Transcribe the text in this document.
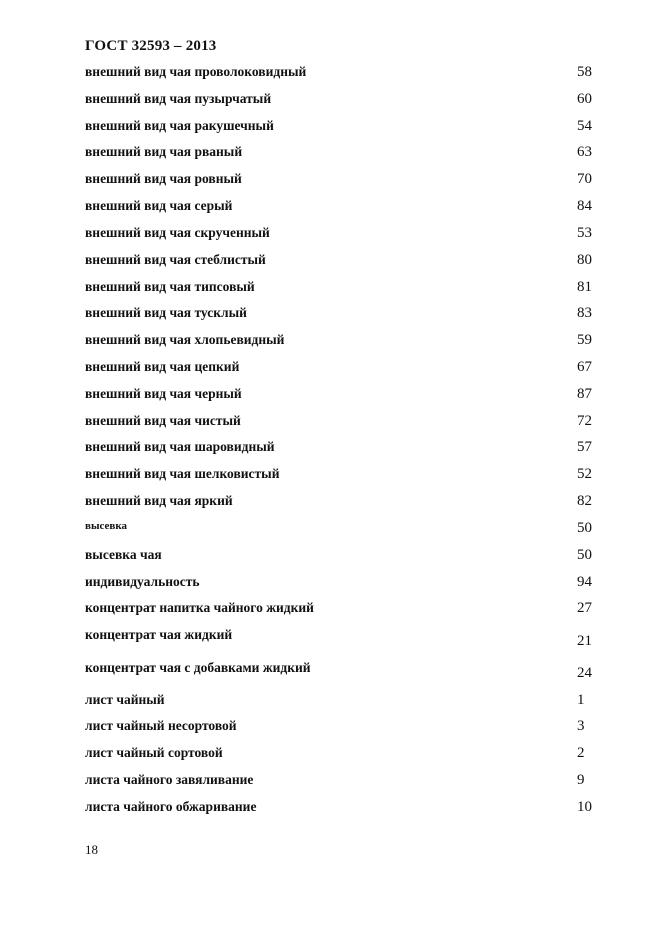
ГОСТ 32593 – 2013
внешний вид чая проволоковидный	58
внешний вид чая пузырчатый	60
внешний вид чая ракушечный	54
внешний вид чая рваный	63
внешний вид чая ровный	70
внешний вид чая серый	84
внешний вид чая скрученный	53
внешний вид чая стеблистый	80
внешний вид чая типсовый	81
внешний вид чая тусклый	83
внешний вид чая хлопьевидный	59
внешний вид чая цепкий	67
внешний вид чая черный	87
внешний вид чая чистый	72
внешний вид чая шаровидный	57
внешний вид чая шелковистый	52
внешний вид чая яркий	82
высевка	50
высевка чая	50
индивидуальность	94
концентрат напитка чайного жидкий	27
концентрат чая жидкий	21
концентрат чая с добавками жидкий	24
лист чайный	1
лист чайный несортовой	3
лист чайный сортовой	2
листа чайного завяливание	9
листа чайного обжаривание	10
18
